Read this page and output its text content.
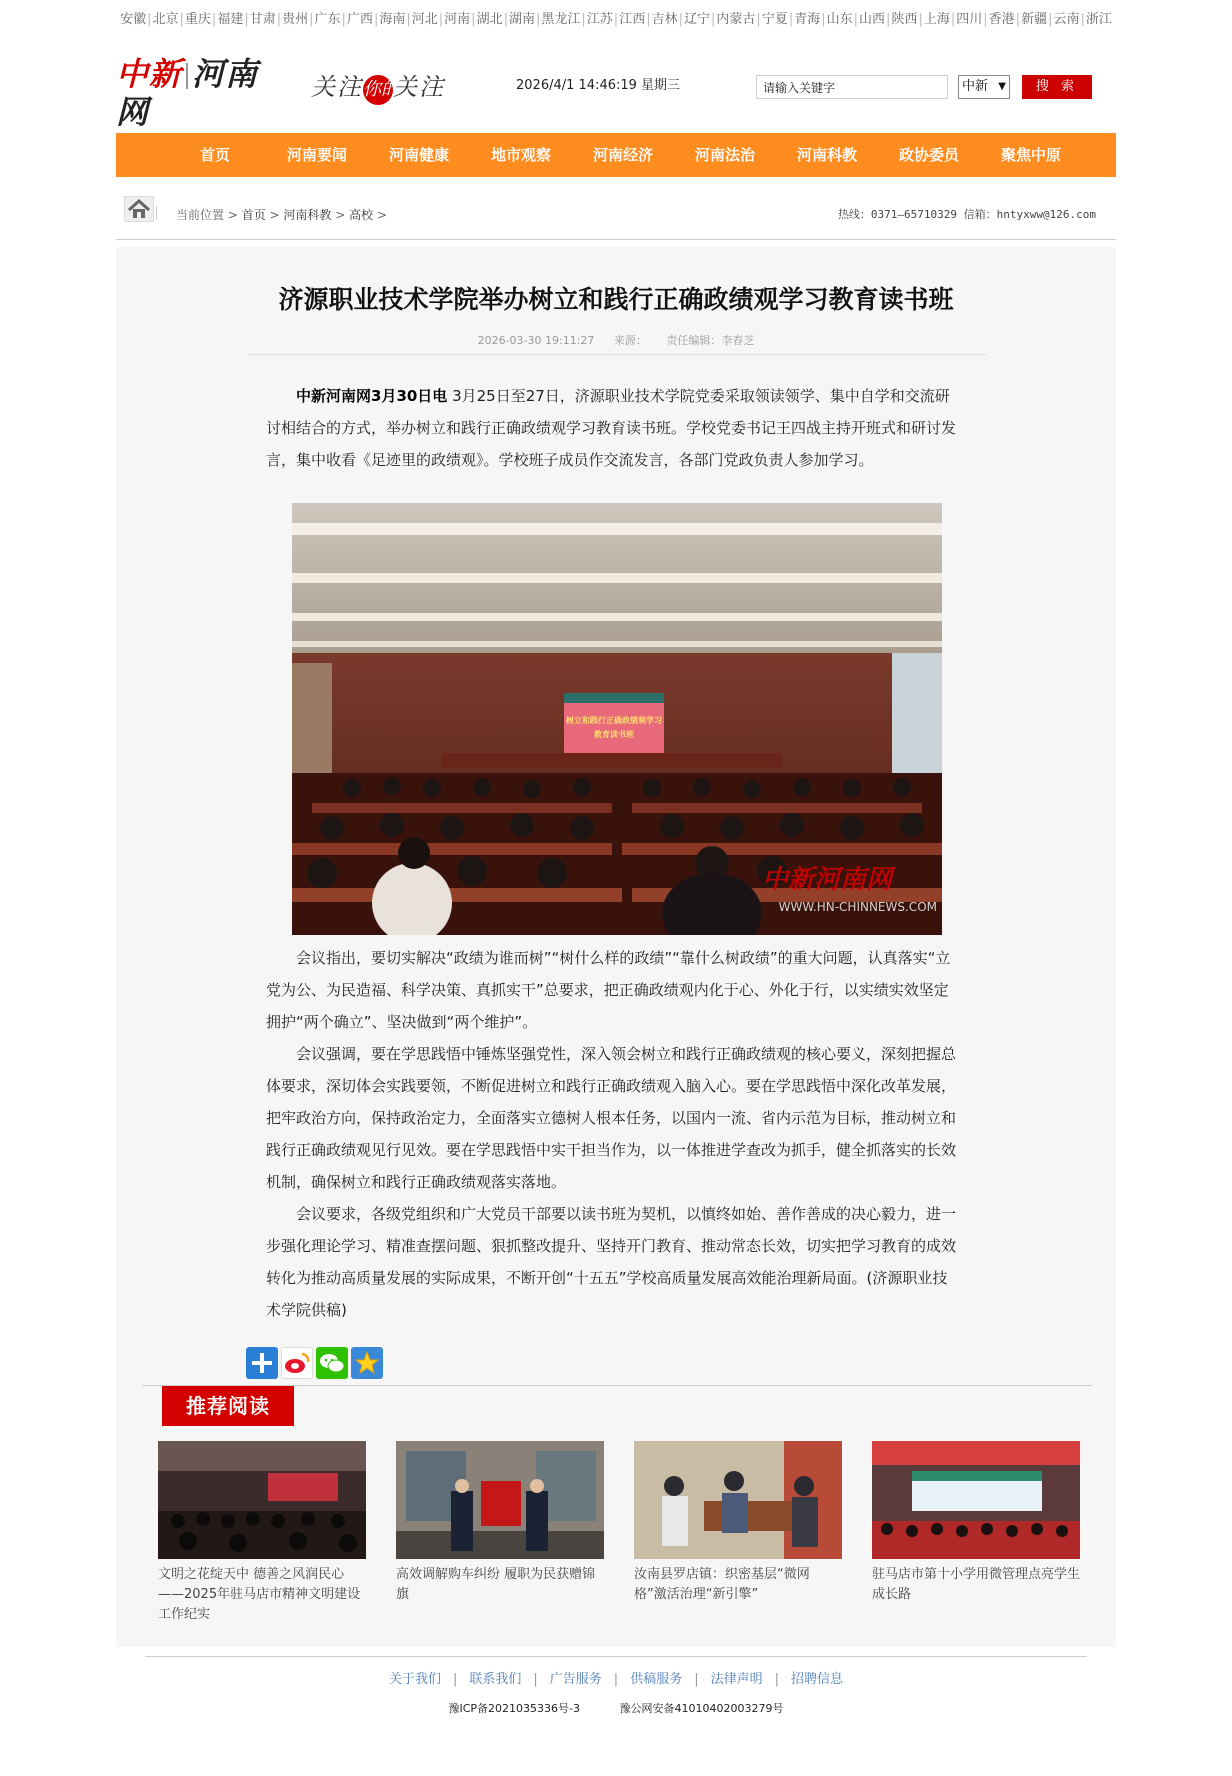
安徽|北京|重庆|福建|甘肃|贵州|广东|广西|海南|河北|河南|湖北|湖南|黑龙江|江苏|江西|吉林|辽宁|内蒙古|宁夏|青海|山东|山西|陕西|上海|四川|香港|新疆|云南|浙江
中新 河南网
关注你的关注	2026/4/1 14:46:19 星期三	请输入关键字	中新 ▼	搜 索
首页	河南要闻	河南健康	地市观察	河南经济	河南法治	河南科教	政协委员	聚焦中原
当前位置 > 首页 > 河南科教 > 高校 >	热线：0371—65710329 信箱：hntyxww@126.com
济源职业技术学院举办树立和践行正确政绩观学习教育读书班
2026-03-30 19:11:27 来源： 责任编辑：李春芝
中新河南网3月30日电 3月25日至27日，济源职业技术学院党委采取领读领学、集中自学和交流研讨相结合的方式，举办树立和践行正确政绩观学习教育读书班。学校党委书记王四战主持开班式和研讨发言，集中收看《足迹里的政绩观》。学校班子成员作交流发言，各部门党政负责人参加学习。
树立和践行正确政绩观学习
教育读书班
中新河南网
WWW.HN-CHINNEWS.COM
会议指出，要切实解决“政绩为谁而树”“树什么样的政绩”“靠什么树政绩”的重大问题，认真落实“立党为公、为民造福、科学决策、真抓实干”总要求，把正确政绩观内化于心、外化于行，以实绩实效坚定拥护“两个确立”、坚决做到“两个维护”。
会议强调，要在学思践悟中锤炼坚强党性，深入领会树立和践行正确政绩观的核心要义，深刻把握总体要求，深切体会实践要领，不断促进树立和践行正确政绩观入脑入心。要在学思践悟中深化改革发展，把牢政治方向，保持政治定力，全面落实立德树人根本任务，以国内一流、省内示范为目标，推动树立和践行正确政绩观见行见效。要在学思践悟中实干担当作为，以一体推进学查改为抓手，健全抓落实的长效机制，确保树立和践行正确政绩观落实落地。
会议要求，各级党组织和广大党员干部要以读书班为契机，以慎终如始、善作善成的决心毅力，进一步强化理论学习、精准查摆问题、狠抓整改提升、坚持开门教育、推动常态长效，切实把学习教育的成效转化为推动高质量发展的实际成果，不断开创“十五五”学校高质量发展高效能治理新局面。(济源职业技术学院供稿)
推荐阅读
文明之花绽天中 德善之风润民心——2025年驻马店市精神文明建设工作纪实
高效调解购车纠纷 履职为民获赠锦旗
汝南县罗店镇：织密基层“微网格”激活治理“新引擎”
驻马店市第十小学用微管理点亮学生成长路
关于我们 | 联系我们 | 广告服务 | 供稿服务 | 法律声明 | 招聘信息
豫ICP备2021035336号-3	豫公网安备41010402003279号
